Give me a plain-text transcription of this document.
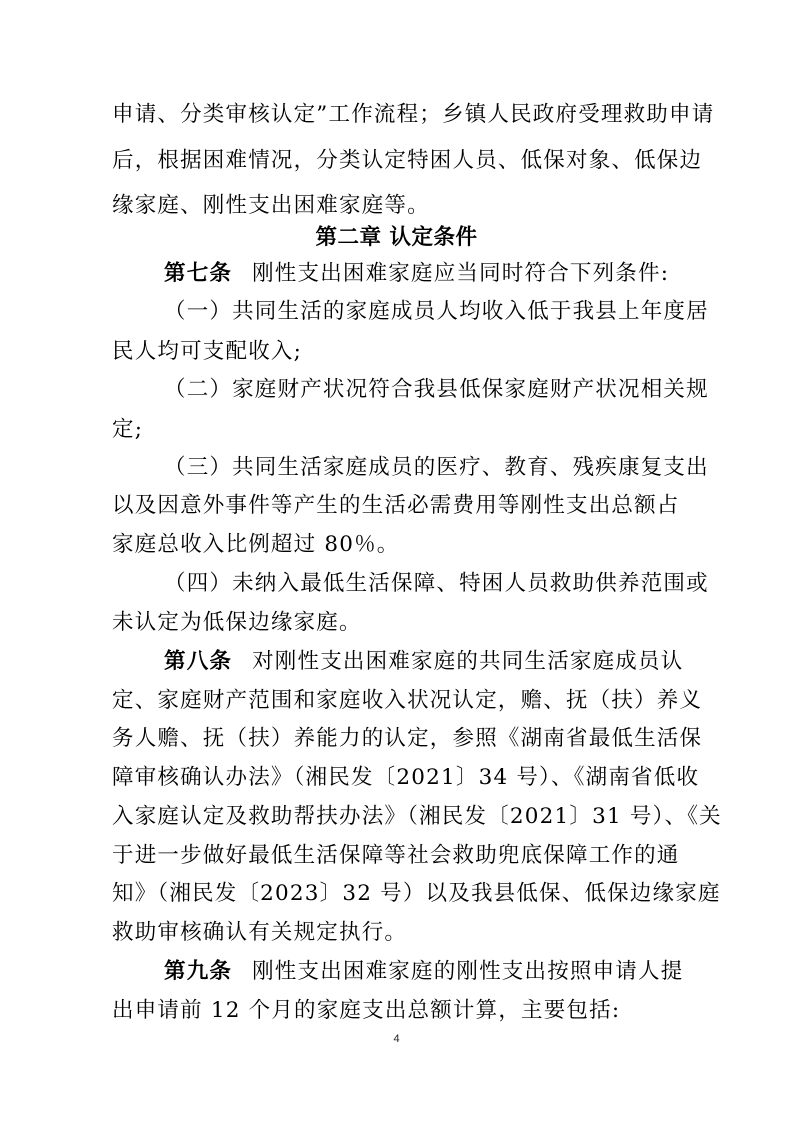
申请、分类审核认定”工作流程；乡镇人民政府受理救助申请
后，根据困难情况，分类认定特困人员、低保对象、低保边
缘家庭、刚性支出困难家庭等。
第二章 认定条件
第七条 刚性支出困难家庭应当同时符合下列条件:
（一）共同生活的家庭成员人均收入低于我县上年度居
民人均可支配收入;
（二）家庭财产状况符合我县低保家庭财产状况相关规
定;
（三）共同生活家庭成员的医疗、教育、残疾康复支出
以及因意外事件等产生的生活必需费用等刚性支出总额占
家庭总收入比例超过 80％。
（四）未纳入最低生活保障、特困人员救助供养范围或
未认定为低保边缘家庭。
第八条 对刚性支出困难家庭的共同生活家庭成员认
定、家庭财产范围和家庭收入状况认定，赡、抚（扶）养义
务人赡、抚（扶）养能力的认定，参照《湖南省最低生活保
障审核确认办法》（湘民发〔2021〕34 号）、《湖南省低收
入家庭认定及救助帮扶办法》（湘民发〔2021〕31 号）、《关
于进一步做好最低生活保障等社会救助兜底保障工作的通
知》（湘民发〔2023〕32 号）以及我县低保、低保边缘家庭
救助审核确认有关规定执行。
第九条 刚性支出困难家庭的刚性支出按照申请人提
出申请前 12 个月的家庭支出总额计算，主要包括:
4
